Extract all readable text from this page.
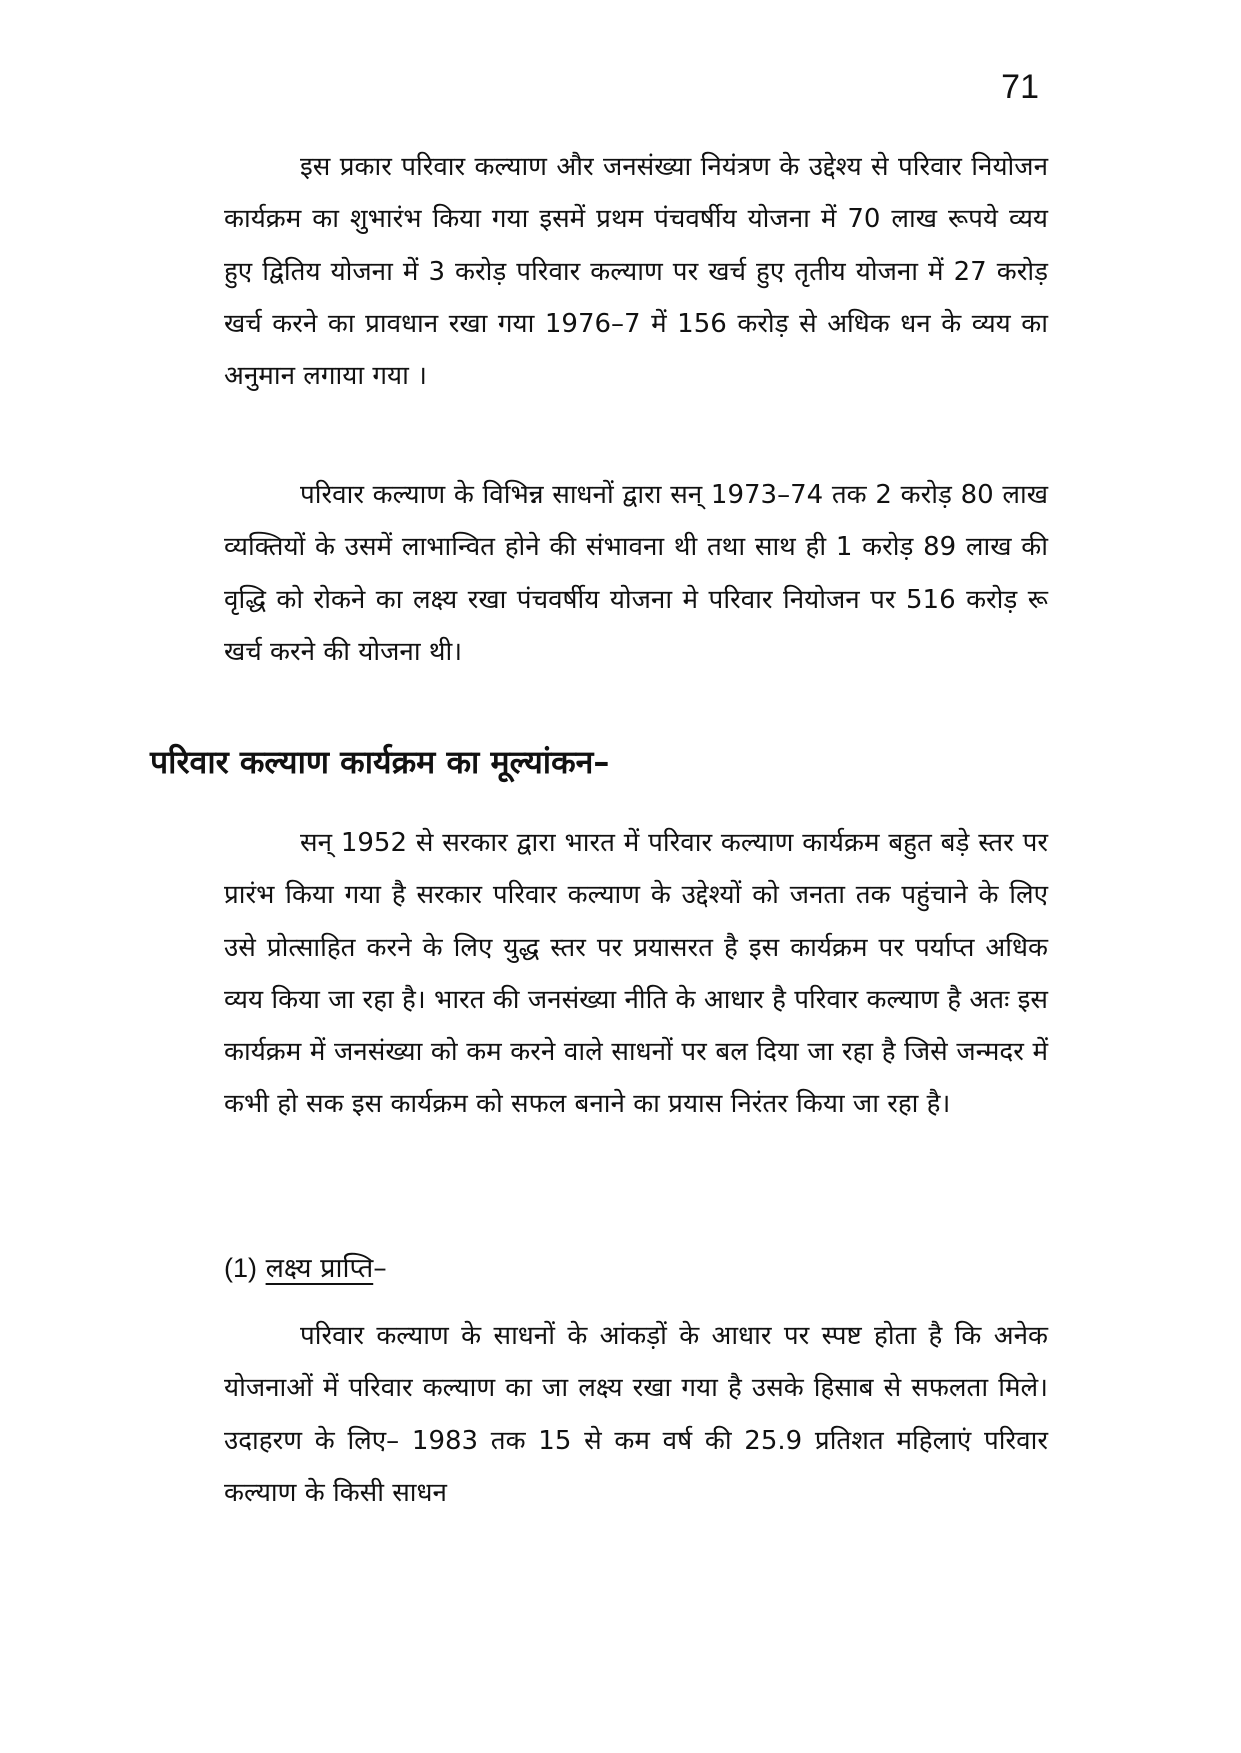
71

इस प्रकार परिवार कल्याण और जनसंख्या नियंत्रण के उद्देश्य से परिवार नियोजन कार्यक्रम का शुभारंभ किया गया इसमें प्रथम पंचवर्षीय योजना में 70 लाख रूपये व्यय हुए द्वितिय योजना में 3 करोड़ परिवार कल्याण पर खर्च हुए तृतीय योजना में 27 करोड़ खर्च करने का प्रावधान रखा गया 1976–7 में 156 करोड़ से अधिक धन के व्यय का अनुमान लगाया गया ।

परिवार कल्याण के विभिन्न साधनों द्वारा सन् 1973–74 तक 2 करोड़ 80 लाख व्यक्तियों के उसमें लाभान्वित होने की संभावना थी तथा साथ ही 1 करोड़ 89 लाख की वृद्धि को रोकने का लक्ष्य रखा पंचवर्षीय योजना मे परिवार नियोजन पर 516 करोड़ रू खर्च करने की योजना थी।

परिवार कल्याण कार्यक्रम का मूल्यांकन–

सन् 1952 से सरकार द्वारा भारत में परिवार कल्याण कार्यक्रम बहुत बड़े स्तर पर प्रारंभ किया गया है सरकार परिवार कल्याण के उद्देश्यों को जनता तक पहुंचाने के लिए उसे प्रोत्साहित करने के लिए युद्ध स्तर पर प्रयासरत है इस कार्यक्रम पर पर्याप्त अधिक व्यय किया जा रहा है। भारत की जनसंख्या नीति के आधार है परिवार कल्याण है अतः इस कार्यक्रम में जनसंख्या को कम करने वाले साधनों पर बल दिया जा रहा है जिसे जन्मदर में कभी हो सक इस कार्यक्रम को सफल बनाने का प्रयास निरंतर किया जा रहा है।

(1) लक्ष्य प्राप्ति–

परिवार कल्याण के साधनों के आंकड़ों के आधार पर स्पष्ट होता है कि अनेक योजनाओं में परिवार कल्याण का जा लक्ष्य रखा गया है उसके हिसाब से सफलता मिले। उदाहरण के लिए– 1983 तक 15 से कम वर्ष की 25.9 प्रतिशत महिलाएं परिवार कल्याण के किसी साधन
